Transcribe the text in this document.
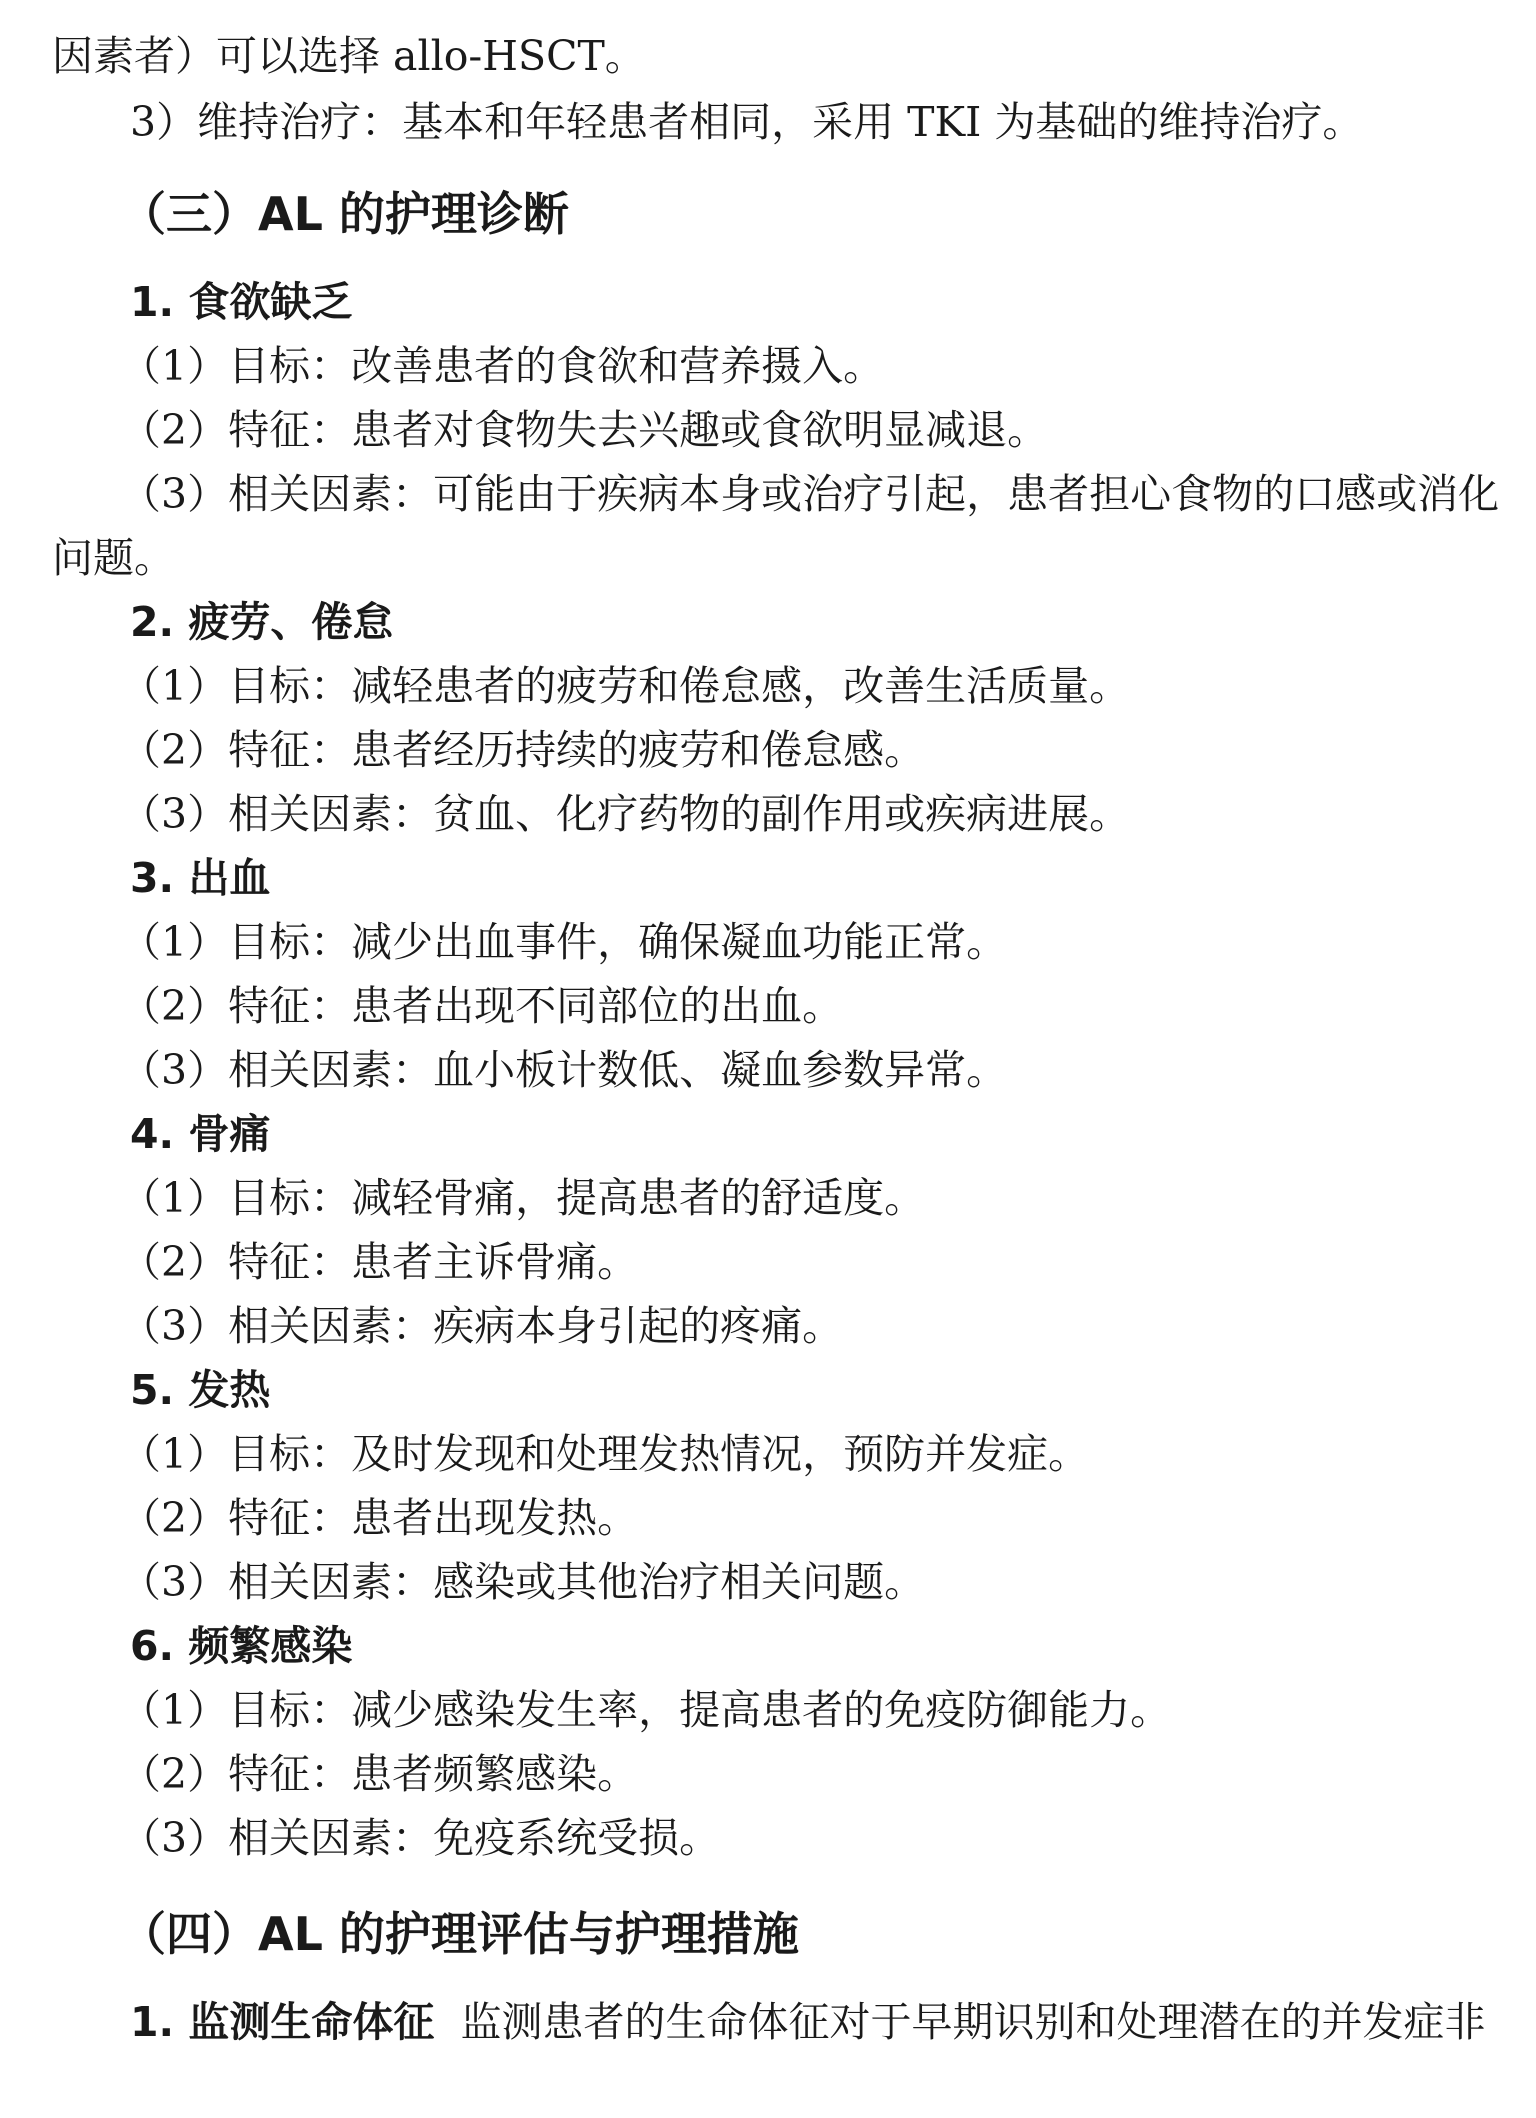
因素者）可以选择 allo-HSCT。
3）维持治疗：基本和年轻患者相同，采用 TKI 为基础的维持治疗。
（三）AL 的护理诊断
1. 食欲缺乏
（1）目标：改善患者的食欲和营养摄入。
（2）特征：患者对食物失去兴趣或食欲明显减退。
（3）相关因素：可能由于疾病本身或治疗引起，患者担心食物的口感或消化
问题。
2. 疲劳、倦怠
（1）目标：减轻患者的疲劳和倦怠感，改善生活质量。
（2）特征：患者经历持续的疲劳和倦怠感。
（3）相关因素：贫血、化疗药物的副作用或疾病进展。
3. 出血
（1）目标：减少出血事件，确保凝血功能正常。
（2）特征：患者出现不同部位的出血。
（3）相关因素：血小板计数低、凝血参数异常。
4. 骨痛
（1）目标：减轻骨痛，提高患者的舒适度。
（2）特征：患者主诉骨痛。
（3）相关因素：疾病本身引起的疼痛。
5. 发热
（1）目标：及时发现和处理发热情况，预防并发症。
（2）特征：患者出现发热。
（3）相关因素：感染或其他治疗相关问题。
6. 频繁感染
（1）目标：减少感染发生率，提高患者的免疫防御能力。
（2）特征：患者频繁感染。
（3）相关因素：免疫系统受损。
（四）AL 的护理评估与护理措施
1. 监测生命体征 监测患者的生命体征对于早期识别和处理潜在的并发症非
